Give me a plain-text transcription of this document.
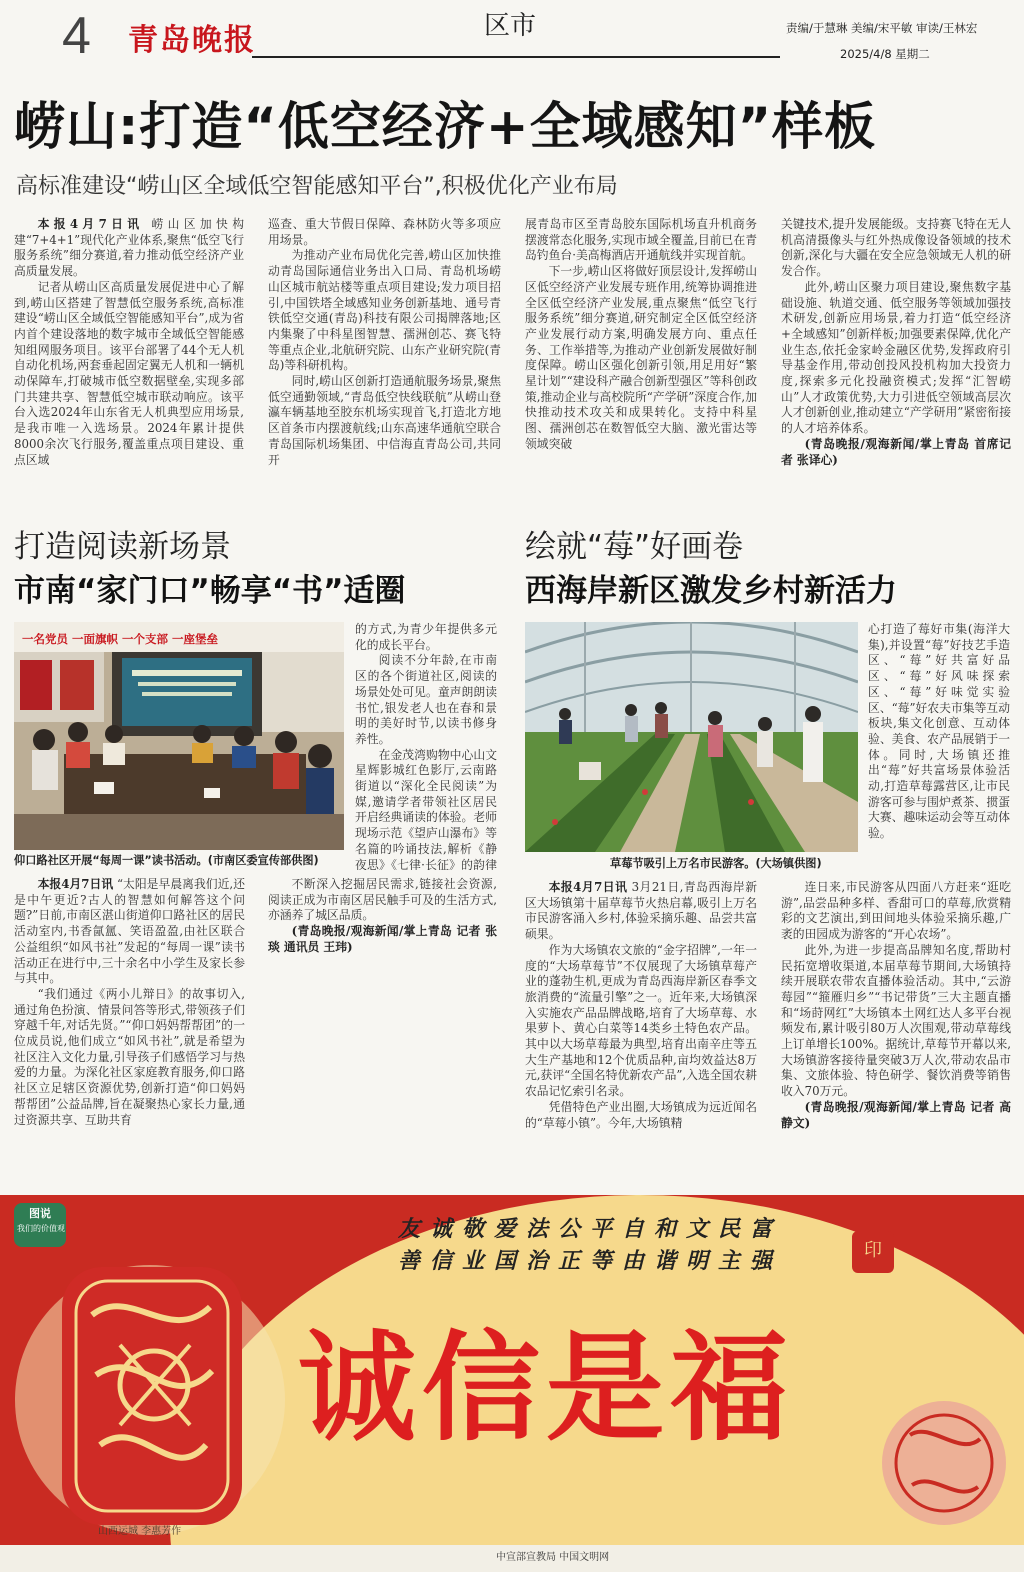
4 青岛晚报	区市	责编/于慧琳 美编/宋平敏 审读/王林宏
2025/4/8 星期二
崂山:打造“低空经济+全域感知”样板
高标准建设“崂山区全域低空智能感知平台”,积极优化产业布局

本报4月7日讯 崂山区加快构建“7+4+1”现代化产业体系,聚焦“低空飞行服务系统”细分赛道,着力推动低空经济产业高质量发展。

记者从崂山区高质量发展促进中心了解到,崂山区搭建了智慧低空服务系统,高标准建设“崂山区全域低空智能感知平台”,成为省内首个建设落地的数字城市全域低空智能感知组网服务项目。该平台部署了44个无人机自动化机场,两套垂起固定翼无人机和一辆机动保障车,打破城市低空数据壁垒,实现多部门共建共享、智慧低空城市联动响应。该平台入选2024年山东省无人机典型应用场景,是我市唯一入选场景。2024年累计提供8000余次飞行服务,覆盖重点项目建设、重点区域

巡查、重大节假日保障、森林防火等多项应用场景。

为推动产业布局优化完善,崂山区加快推动青岛国际通信业务出入口局、青岛机场崂山区城市航站楼等重点项目建设;发力项目招引,中国铁塔全域感知业务创新基地、通号青铁低空交通(青岛)科技有限公司揭牌落地;区内集聚了中科星图智慧、孺洲创芯、赛飞特等重点企业,北航研究院、山东产业研究院(青岛)等科研机构。

同时,崂山区创新打造通航服务场景,聚焦低空通勤领域,“青岛低空快线联航”从崂山登瀛车辆基地至胶东机场实现首飞,打造北方地区首条市内摆渡航线;山东高速华通航空联合青岛国际机场集团、中信海直青岛公司,共同开

展青岛市区至青岛胶东国际机场直升机商务摆渡常态化服务,实现市域全覆盖,目前已在青岛钓鱼台·美高梅酒店开通航线并实现首航。

下一步,崂山区将做好顶层设计,发挥崂山区低空经济产业发展专班作用,统筹协调推进全区低空经济产业发展,重点聚焦“低空飞行服务系统”细分赛道,研究制定全区低空经济产业发展行动方案,明确发展方向、重点任务、工作举措等,为推动产业创新发展做好制度保障。崂山区强化创新引领,用足用好“繁星计划”“建设科产融合创新型强区”等科创政策,推动企业与高校院所“产学研”深度合作,加快推动技术攻关和成果转化。支持中科星图、孺洲创芯在数智低空大脑、激光雷达等领域突破

关键技术,提升发展能级。支持赛飞特在无人机高清摄像头与红外热成像设备领域的技术创新,深化与大疆在安全应急领域无人机的研发合作。

此外,崂山区聚力项目建设,聚焦数字基础设施、轨道交通、低空服务等领域加强技术研发,创新应用场景,着力打造“低空经济+全域感知”创新样板;加强要素保障,优化产业生态,依托金家岭金融区优势,发挥政府引导基金作用,带动创投风投机构加大投资力度,探索多元化投融资模式;发挥“汇智崂山”人才政策优势,大力引进低空领域高层次人才创新创业,推动建立“产学研用”紧密衔接的人才培养体系。

(青岛晚报/观海新闻/掌上青岛 首席记者 张译心)

打造阅读新场景
市南“家门口”畅享“书”适圈
一名党员 一面旗帜 一个支部 一座堡垒
仰口路社区开展“每周一课”读书活动。(市南区委宣传部供图)

本报4月7日讯 “太阳是早晨离我们近,还是中午更近?古人的智慧如何解答这个问题?”日前,市南区湛山街道仰口路社区的居民活动室内,书香氤氲、笑语盈盈,由社区联合公益组织“如风书社”发起的“每周一课”读书活动正在进行中,三十余名中小学生及家长参与其中。

“我们通过《两小儿辩日》的故事切入,通过角色扮演、情景问答等形式,带领孩子们穿越千年,对话先贤。”“仰口妈妈帮帮团”的一位成员说,他们成立“如风书社”,就是希望为社区注入文化力量,引导孩子们感悟学习与热爱的力量。为深化社区家庭教育服务,仰口路社区立足辖区资源优势,创新打造“仰口妈妈帮帮团”公益品牌,旨在凝聚热心家长力量,通过资源共享、互助共育

的方式,为青少年提供多元化的成长平台。

阅读不分年龄,在市南区的各个街道社区,阅读的场景处处可见。童声朗朗读书忙,银发老人也在春和景明的美好时节,以读书修身养性。

在金茂湾购物中心山文星辉影城红色影厅,云南路街道以“深化全民阅读”为媒,邀请学者带领社区居民开启经典诵读的体验。老师现场示范《望庐山瀑布》等名篇的吟诵技法,解析《静夜思》《七律·长征》的韵律

不断深入挖掘居民需求,链接社会资源,阅读正成为市南区居民触手可及的生活方式,亦涵养了城区品质。

(青岛晚报/观海新闻/掌上青岛 记者 张琰 通讯员 王玮)

绘就“莓”好画卷
西海岸新区激发乡村新活力
草莓节吸引上万名市民游客。(大场镇供图)

心打造了莓好市集(海洋大集),并设置“莓”好技艺手造区、“莓”好共富好品区、“莓”好风味探索区、“莓”好味觉实验区、“莓”好农夫市集等互动板块,集文化创意、互动体验、美食、农产品展销于一体。同时,大场镇还推出“莓”好共富场景体验活动,打造草莓露营区,让市民游客可参与围炉煮茶、掼蛋大赛、趣味运动会等互动体验。

本报4月7日讯 3月21日,青岛西海岸新区大场镇第十届草莓节火热启幕,吸引上万名市民游客涌入乡村,体验采摘乐趣、品尝共富硕果。

作为大场镇农文旅的“金字招牌”,一年一度的“大场草莓节”不仅展现了大场镇草莓产业的蓬勃生机,更成为青岛西海岸新区春季文旅消费的“流量引擎”之一。近年来,大场镇深入实施农产品品牌战略,培育了大场草莓、水果萝卜、黄心白菜等14类乡土特色农产品。其中以大场草莓最为典型,培育出南辛庄等五大生产基地和12个优质品种,亩均效益达8万元,获评“全国名特优新农产品”,入选全国农耕农品记忆索引名录。

凭借特色产业出圈,大场镇成为远近闻名的“草莓小镇”。今年,大场镇精

连日来,市民游客从四面八方赶来“逛吃游”,品尝品种多样、香甜可口的草莓,欣赏精彩的文艺演出,到田间地头体验采摘乐趣,广袤的田园成为游客的“开心农场”。

此外,为进一步提高品牌知名度,帮助村民拓宽增收渠道,本届草莓节期间,大场镇持续开展联农带农直播体验活动。其中,“云游莓园”“箍雁归乡”“书记带货”三大主题直播和“场莳网红”大场镇本土网红达人多平台视频发布,累计吸引80万人次围观,带动草莓线上订单增长100%。据统计,草莓节开幕以来,大场镇游客接待量突破3万人次,带动农品市集、文旅体验、特色研学、餐饮消费等销售收入70万元。

(青岛晚报/观海新闻/掌上青岛 记者 高静文)

图说
我们的价值观	友诚敬爱法公平自和文民富
善信业国治正等由谐明主强	印
诚信是福
山西运城 李惠芳作
中宣部宣教局 中国文明网
